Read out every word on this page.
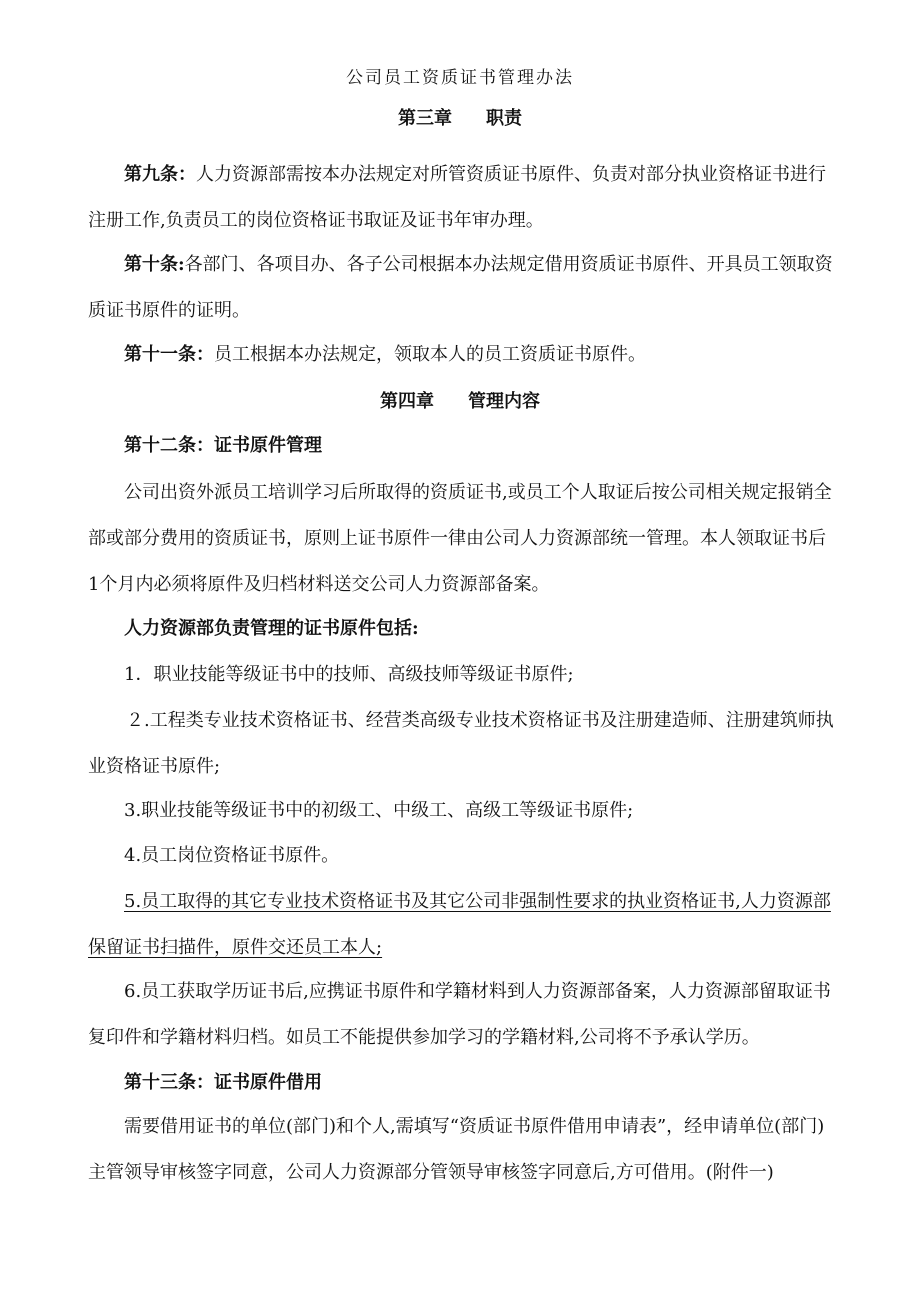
公司员工资质证书管理办法
第三章 职责

第九条：人力资源部需按本办法规定对所管资质证书原件、负责对部分执业资格证书进行注册工作,负责员工的岗位资格证书取证及证书年审办理。

第十条:各部门、各项目办、各子公司根据本办法规定借用资质证书原件、开具员工领取资质证书原件的证明。

第十一条：员工根据本办法规定，领取本人的员工资质证书原件。

第四章 管理内容

第十二条：证书原件管理

公司出资外派员工培训学习后所取得的资质证书,或员工个人取证后按公司相关规定报销全部或部分费用的资质证书，原则上证书原件一律由公司人力资源部统一管理。本人领取证书后1个月内必须将原件及归档材料送交公司人力资源部备案。

人力资源部负责管理的证书原件包括:

1．职业技能等级证书中的技师、高级技师等级证书原件;

２.工程类专业技术资格证书、经营类高级专业技术资格证书及注册建造师、注册建筑师执业资格证书原件;

3.职业技能等级证书中的初级工、中级工、高级工等级证书原件;

4.员工岗位资格证书原件。

5.员工取得的其它专业技术资格证书及其它公司非强制性要求的执业资格证书,人力资源部保留证书扫描件，原件交还员工本人;

6.员工获取学历证书后,应携证书原件和学籍材料到人力资源部备案，人力资源部留取证书复印件和学籍材料归档。如员工不能提供参加学习的学籍材料,公司将不予承认学历。

第十三条：证书原件借用

需要借用证书的单位(部门)和个人,需填写“资质证书原件借用申请表”，经申请单位(部门)主管领导审核签字同意，公司人力资源部分管领导审核签字同意后,方可借用。(附件一)
